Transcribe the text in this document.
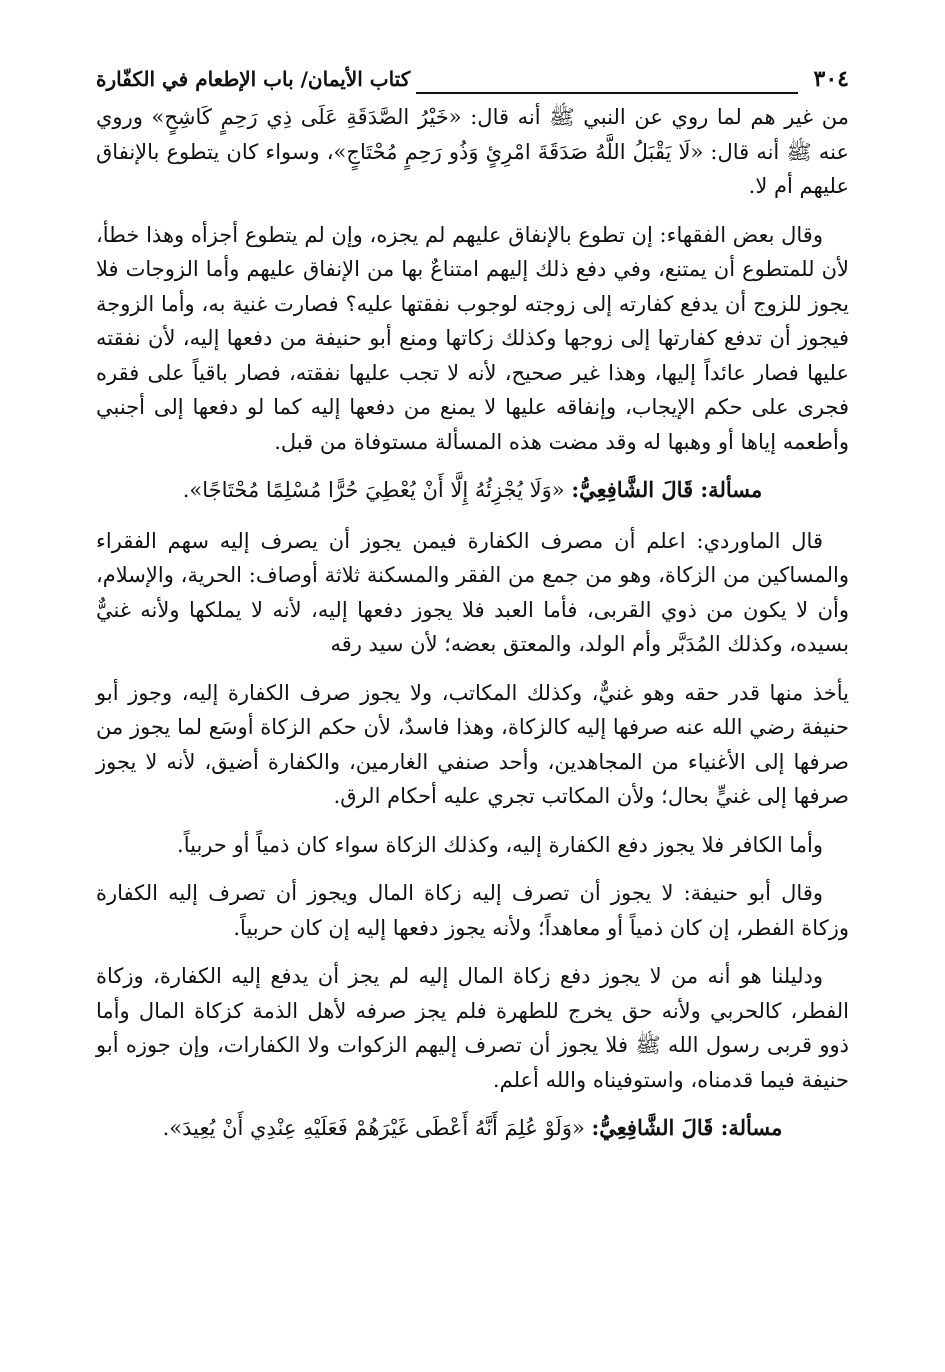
٣٠٤
كتاب الأيمان/ باب الإطعام في الكفّارة

من غير هم لما روي عن النبي ﷺ أنه قال: «خَيْرُ الصَّدَقَةِ عَلَى ذِي رَحِمٍ كَاشِحٍ» وروي عنه ﷺ أنه قال: «لَا يَقْبَلُ اللَّهُ صَدَقَةَ امْرِئٍ وَذُو رَحِمٍ مُحْتَاجٍ»، وسواء كان يتطوع بالإنفاق عليهم أم لا.

وقال بعض الفقهاء: إن تطوع بالإنفاق عليهم لم يجزه، وإن لم يتطوع أجزأه وهذا خطأ، لأن للمتطوع أن يمتنع، وفي دفع ذلك إليهم امتناعٌ بها من الإنفاق عليهم وأما الزوجات فلا يجوز للزوج أن يدفع كفارته إلى زوجته لوجوب نفقتها عليه؟ فصارت غنية به، وأما الزوجة فيجوز أن تدفع كفارتها إلى زوجها وكذلك زكاتها ومنع أبو حنيفة من دفعها إليه، لأن نفقته عليها فصار عائداً إليها، وهذا غير صحيح، لأنه لا تجب عليها نفقته، فصار باقياً على فقره فجرى على حكم الإيجاب، وإنفاقه عليها لا يمنع من دفعها إليه كما لو دفعها إلى أجنبي وأطعمه إياها أو وهبها له وقد مضت هذه المسألة مستوفاة من قبل.

مسألة: قَالَ الشَّافِعِيُّ: «وَلَا يُجْزِئُهُ إِلَّا أَنْ يُعْطِيَ حُرًّا مُسْلِمًا مُحْتَاجًا».

قال الماوردي: اعلم أن مصرف الكفارة فيمن يجوز أن يصرف إليه سهم الفقراء والمساكين من الزكاة، وهو من جمع من الفقر والمسكنة ثلاثة أوصاف: الحرية، والإسلام، وأن لا يكون من ذوي القربى، فأما العبد فلا يجوز دفعها إليه، لأنه لا يملكها ولأنه غنيٌّ بسيده، وكذلك المُدَبَّر وأم الولد، والمعتق بعضه؛ لأن سيد رقه

يأخذ منها قدر حقه وهو غنيٌّ، وكذلك المكاتب، ولا يجوز صرف الكفارة إليه، وجوز أبو حنيفة رضي الله عنه صرفها إليه كالزكاة، وهذا فاسدٌ، لأن حكم الزكاة أوسَع لما يجوز من صرفها إلى الأغنياء من المجاهدين، وأحد صنفي الغارمين، والكفارة أضيق، لأنه لا يجوز صرفها إلى غنيٍّ بحال؛ ولأن المكاتب تجري عليه أحكام الرق.

وأما الكافر فلا يجوز دفع الكفارة إليه، وكذلك الزكاة سواء كان ذمياً أو حربياً.

وقال أبو حنيفة: لا يجوز أن تصرف إليه زكاة المال ويجوز أن تصرف إليه الكفارة وزكاة الفطر، إن كان ذمياً أو معاهداً؛ ولأنه يجوز دفعها إليه إن كان حربياً.

ودليلنا هو أنه من لا يجوز دفع زكاة المال إليه لم يجز أن يدفع إليه الكفارة، وزكاة الفطر، كالحربي ولأنه حق يخرج للطهرة فلم يجز صرفه لأهل الذمة كزكاة المال وأما ذوو قربى رسول الله ﷺ فلا يجوز أن تصرف إليهم الزكوات ولا الكفارات، وإن جوزه أبو حنيفة فيما قدمناه، واستوفيناه والله أعلم.

مسألة: قَالَ الشَّافِعِيُّ: «وَلَوْ عُلِمَ أَنَّهُ أَعْطَى غَيْرَهُمْ فَعَلَيْهِ عِنْدِي أَنْ يُعِيدَ».
